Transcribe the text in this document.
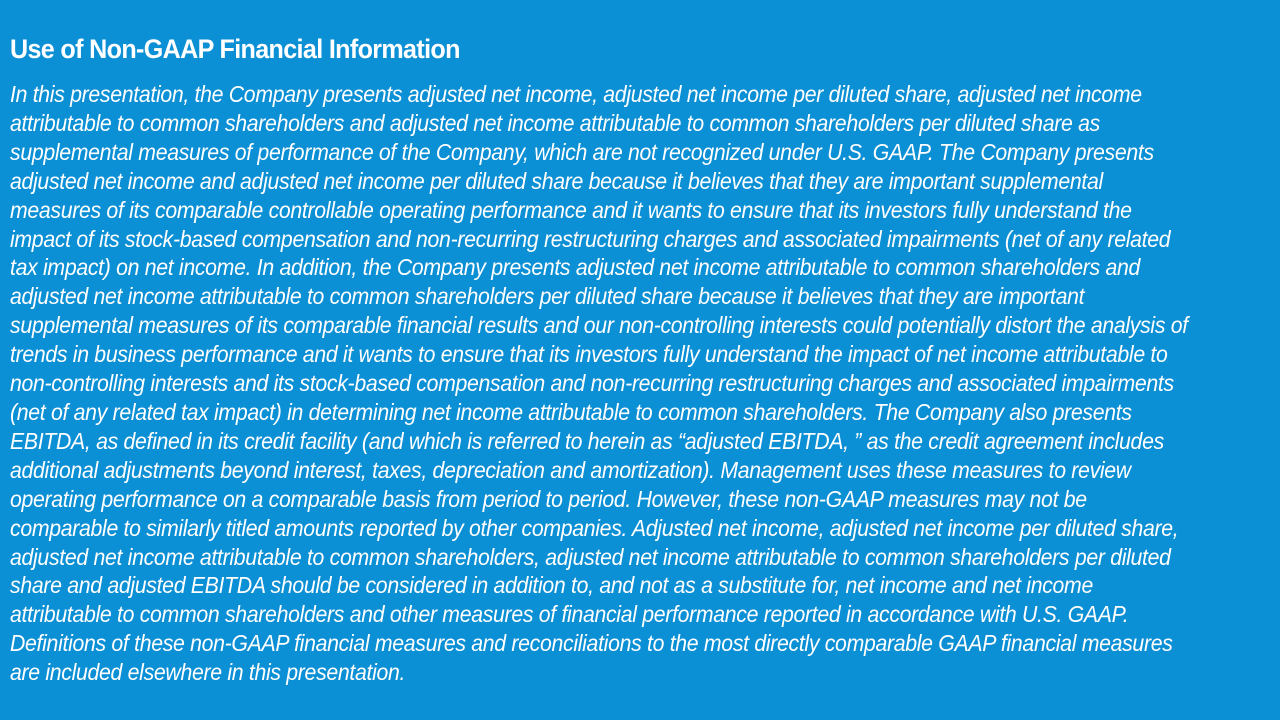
Use of Non-GAAP Financial Information
In this presentation, the Company presents adjusted net income, adjusted net income per diluted share, adjusted net income
attributable to common shareholders and adjusted net income attributable to common shareholders per diluted share as
supplemental measures of performance of the Company, which are not recognized under U.S. GAAP. The Company presents
adjusted net income and adjusted net income per diluted share because it believes that they are important supplemental
measures of its comparable controllable operating performance and it wants to ensure that its investors fully understand the
impact of its stock-based compensation and non-recurring restructuring charges and associated impairments (net of any related
tax impact) on net income. In addition, the Company presents adjusted net income attributable to common shareholders and
adjusted net income attributable to common shareholders per diluted share because it believes that they are important
supplemental measures of its comparable financial results and our non-controlling interests could potentially distort the analysis of
trends in business performance and it wants to ensure that its investors fully understand the impact of net income attributable to
non-controlling interests and its stock-based compensation and non-recurring restructuring charges and associated impairments
(net of any related tax impact) in determining net income attributable to common shareholders. The Company also presents
EBITDA, as defined in its credit facility (and which is referred to herein as “adjusted EBITDA, ” as the credit agreement includes
additional adjustments beyond interest, taxes, depreciation and amortization). Management uses these measures to review
operating performance on a comparable basis from period to period. However, these non-GAAP measures may not be
comparable to similarly titled amounts reported by other companies. Adjusted net income, adjusted net income per diluted share,
adjusted net income attributable to common shareholders, adjusted net income attributable to common shareholders per diluted
share and adjusted EBITDA should be considered in addition to, and not as a substitute for, net income and net income
attributable to common shareholders and other measures of financial performance reported in accordance with U.S. GAAP.
Definitions of these non-GAAP financial measures and reconciliations to the most directly comparable GAAP financial measures
are included elsewhere in this presentation.
